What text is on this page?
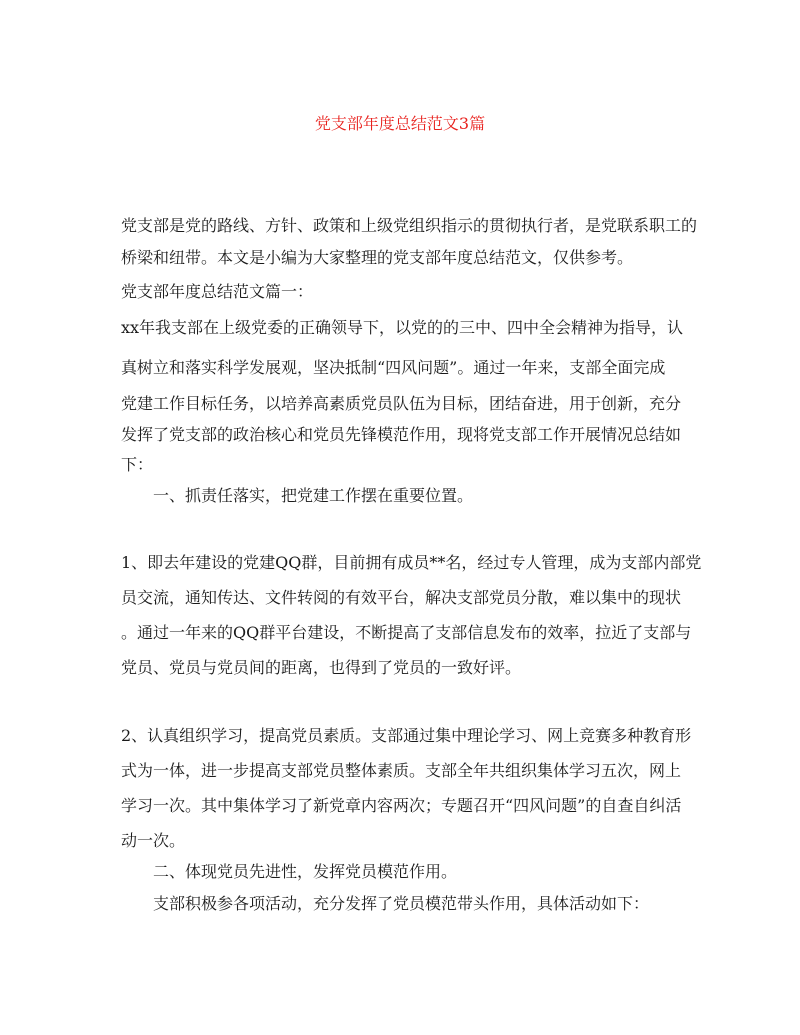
党支部年度总结范文3篇
党支部是党的路线、方针、政策和上级党组织指示的贯彻执行者，是党联系职工的
桥梁和纽带。本文是小编为大家整理的党支部年度总结范文，仅供参考。
党支部年度总结范文篇一：
xx年我支部在上级党委的正确领导下，以党的的三中、四中全会精神为指导，认
真树立和落实科学发展观，坚决抵制“四风问题”。通过一年来，支部全面完成
党建工作目标任务，以培养高素质党员队伍为目标，团结奋进，用于创新，充分
发挥了党支部的政治核心和党员先锋模范作用，现将党支部工作开展情况总结如
下：
一、抓责任落实，把党建工作摆在重要位置。
1、即去年建设的党建QQ群，目前拥有成员**名，经过专人管理，成为支部内部党
员交流，通知传达、文件转阅的有效平台，解决支部党员分散，难以集中的现状
。通过一年来的QQ群平台建设，不断提高了支部信息发布的效率，拉近了支部与
党员、党员与党员间的距离，也得到了党员的一致好评。
2、认真组织学习，提高党员素质。支部通过集中理论学习、网上竞赛多种教育形
式为一体，进一步提高支部党员整体素质。支部全年共组织集体学习五次，网上
学习一次。其中集体学习了新党章内容两次；专题召开“四风问题”的自查自纠活
动一次。
二、体现党员先进性，发挥党员模范作用。
支部积极参各项活动，充分发挥了党员模范带头作用，具体活动如下：
